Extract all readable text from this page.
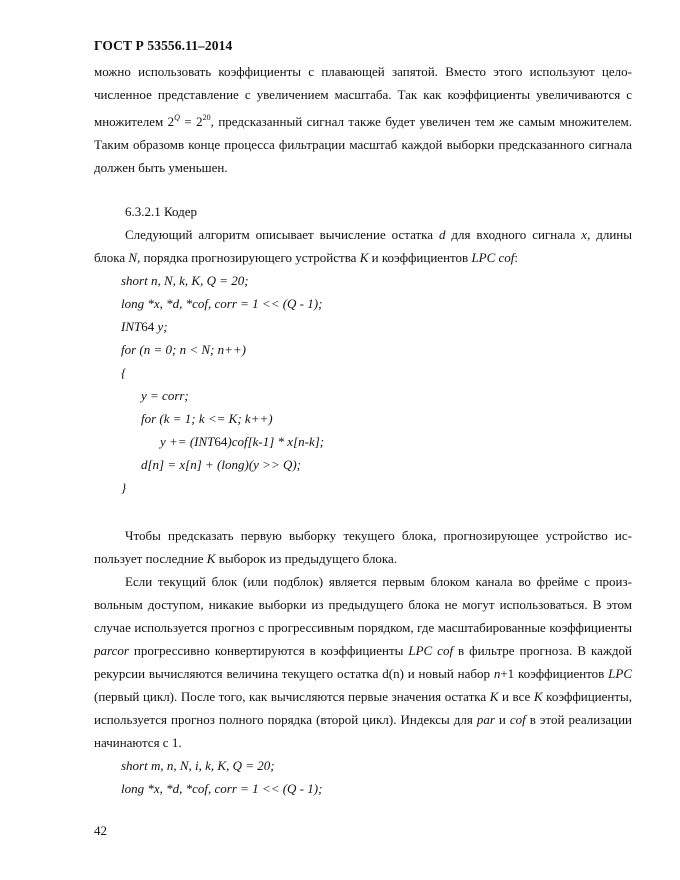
ГОСТ Р 53556.11–2014

можно использовать коэффициенты с плавающей запятой. Вместо этого используют целочисленное представление с увеличением масштаба. Так как коэффициенты увеличиваются с множителем $2^Q = 2^{20}$, предсказанный сигнал также будет увеличен тем же самым множителем. Таким образомв конце процесса фильтрации масштаб каждой выборки предсказанного сигнала должен быть уменьшен.

6.3.2.1 Кодер

Следующий алгоритм описывает вычисление остатка d для входного сигнала x, длины блока N, порядка прогнозирующего устройства K и коэффициентов LPC cof:

short n, N, k, K, Q = 20;
long *x, *d, *cof, corr = 1 << (Q - 1);
INT64 y;
for (n = 0; n < N; n++)
{
y = corr;
for (k = 1; k <= K; k++)
y += (INT64)cof[k-1] * x[n-k];
d[n] = x[n] + (long)(y >> Q);
}

Чтобы предсказать первую выборку текущего блока, прогнозирующее устройство использует последние K выборок из предыдущего блока.

Если текущий блок (или подблок) является первым блоком канала во фрейме с произвольным доступом, никакие выборки из предыдущего блока не могут использоваться. В этом случае используется прогноз с прогрессивным порядком, где масштабированные коэффициенты parcor прогрессивно конвертируются в коэффициенты LPC cof в фильтре прогноза. В каждой рекурсии вычисляются величина текущего остатка d(n) и новый набор n+1 коэффициентов LPC (первый цикл). После того, как вычисляются первые значения остатка K и все K коэффициенты, используется прогноз полного порядка (второй цикл). Индексы для par и cof в этой реализации начинаются с 1.

short m, n, N, i, k, K, Q = 20;
long *x, *d, *cof, corr = 1 << (Q - 1);
42
